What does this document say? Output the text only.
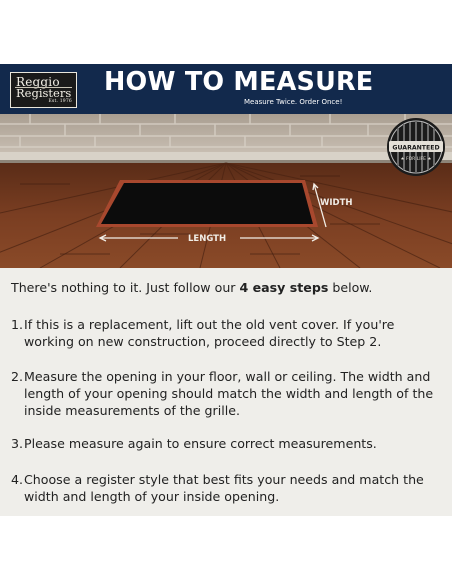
Reggio
Registers
Est. 1976
HOW TO MEASURE
Measure Twice. Order Once!
WIDTH
LENGTH
GUARANTEED
★ FOR LIFE ★
There's nothing to it. Just follow our 4 easy steps below.
1. If this is a replacement, lift out the old vent cover. If you're
working on new construction, proceed directly to Step 2.
2. Measure the opening in your floor, wall or ceiling. The width and
length of your opening should match the width and length of the
inside measurements of the grille.
3. Please measure again to ensure correct measurements.
4. Choose a register style that best fits your needs and match the
width and length of your inside opening.
